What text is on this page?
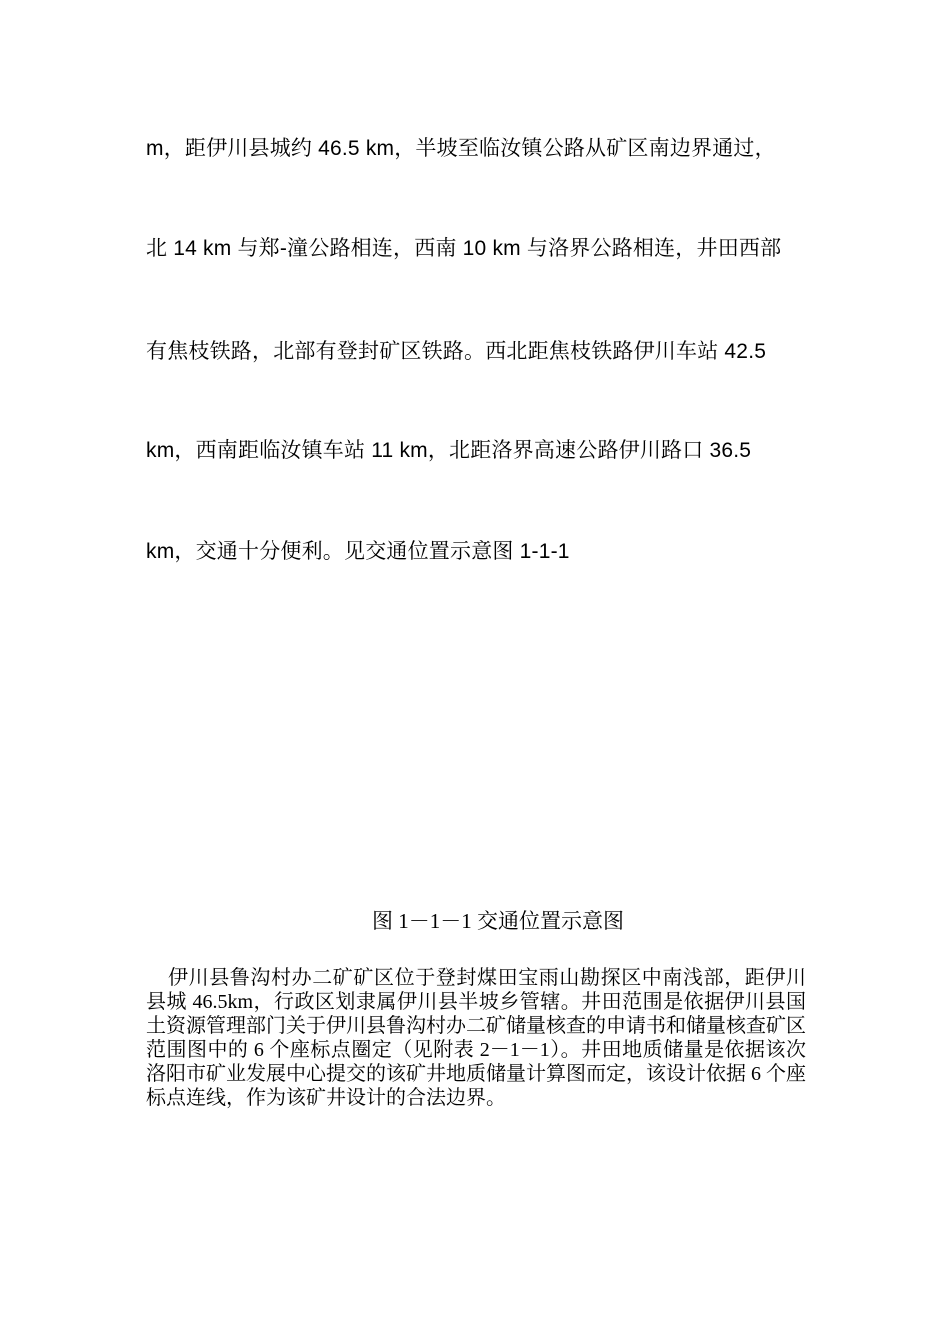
m，距伊川县城约 46.5 km，半坡至临汝镇公路从矿区南边界通过，
北 14 km 与郑-潼公路相连，西南 10 km 与洛界公路相连，井田西部
有焦枝铁路，北部有登封矿区铁路。西北距焦枝铁路伊川车站 42.5
km，西南距临汝镇车站 11 km，北距洛界高速公路伊川路口 36.5
km，交通十分便利。见交通位置示意图 1-1-1
图 1－1－1 交通位置示意图
伊川县鲁沟村办二矿矿区位于登封煤田宝雨山勘探区中南浅部，距伊川县城 46.5km，行政区划隶属伊川县半坡乡管辖。井田范围是依据伊川县国土资源管理部门关于伊川县鲁沟村办二矿储量核查的申请书和储量核查矿区范围图中的 6 个座标点圈定（见附表 2－1－1）。井田地质储量是依据该次洛阳市矿业发展中心提交的该矿井地质储量计算图而定，该设计依据 6 个座标点连线，作为该矿井设计的合法边界。
